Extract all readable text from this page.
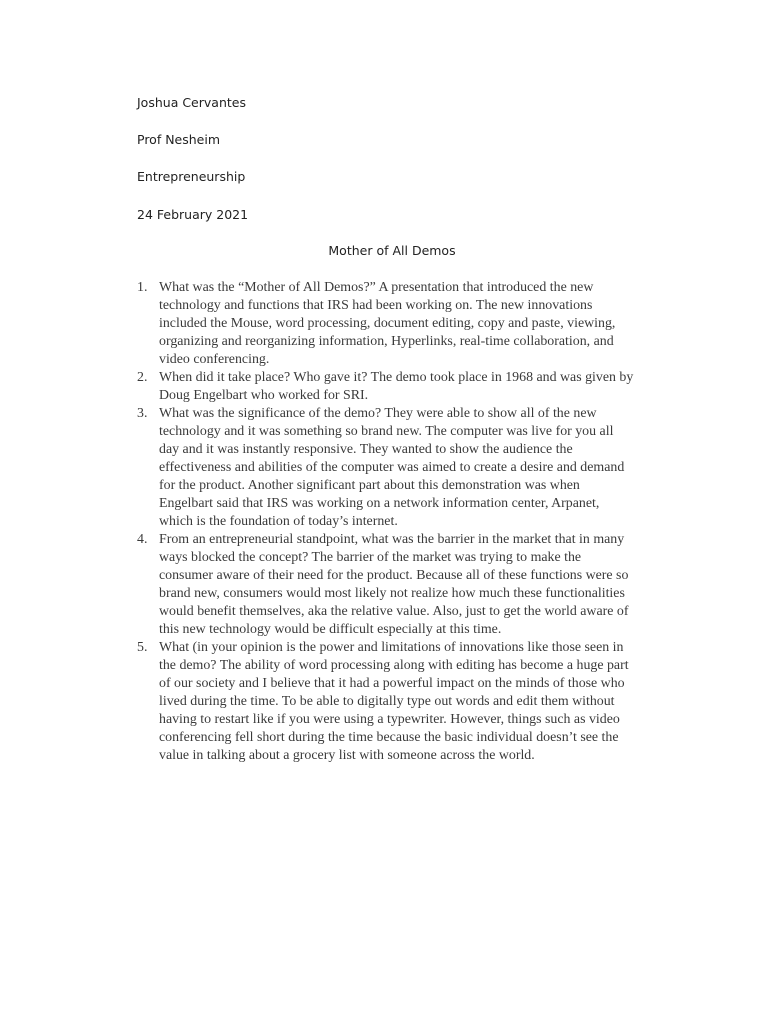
Joshua Cervantes
Prof Nesheim
Entrepreneurship
24 February 2021
Mother of All Demos
1. What was the “Mother of All Demos?” A presentation that introduced the new
technology and functions that IRS had been working on. The new innovations
included the Mouse, word processing, document editing, copy and paste, viewing,
organizing and reorganizing information, Hyperlinks, real-time collaboration, and
video conferencing.
2. When did it take place? Who gave it? The demo took place in 1968 and was given by
Doug Engelbart who worked for SRI.
3. What was the significance of the demo? They were able to show all of the new
technology and it was something so brand new. The computer was live for you all
day and it was instantly responsive. They wanted to show the audience the
effectiveness and abilities of the computer was aimed to create a desire and demand
for the product. Another significant part about this demonstration was when
Engelbart said that IRS was working on a network information center, Arpanet,
which is the foundation of today’s internet.
4. From an entrepreneurial standpoint, what was the barrier in the market that in many
ways blocked the concept? The barrier of the market was trying to make the
consumer aware of their need for the product. Because all of these functions were so
brand new, consumers would most likely not realize how much these functionalities
would benefit themselves, aka the relative value. Also, just to get the world aware of
this new technology would be difficult especially at this time.
5. What (in your opinion is the power and limitations of innovations like those seen in
the demo? The ability of word processing along with editing has become a huge part
of our society and I believe that it had a powerful impact on the minds of those who
lived during the time. To be able to digitally type out words and edit them without
having to restart like if you were using a typewriter. However, things such as video
conferencing fell short during the time because the basic individual doesn’t see the
value in talking about a grocery list with someone across the world.
